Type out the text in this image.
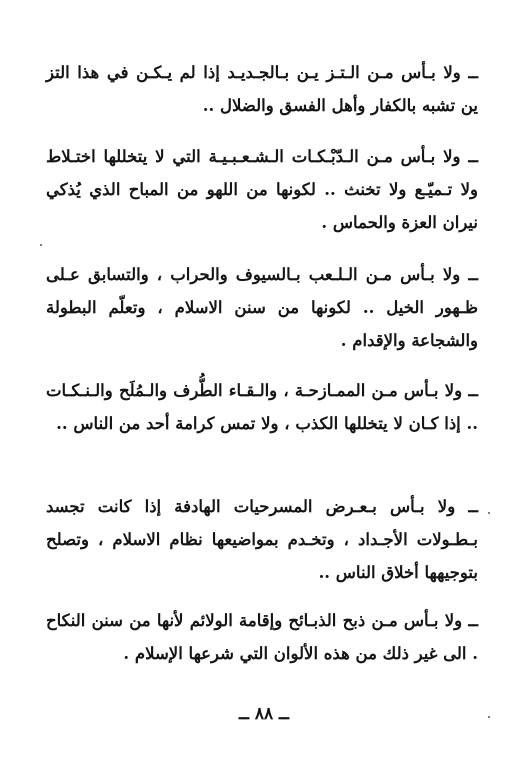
ــ ولا بـأس مـن الـتـز يـن بـالجـديـد إذا لم يـكـن في هذا التز ين تشبه بالكفار وأهل الفسق والضلال ..

ــ ولا بـأس مـن الـدّبْـكـات الـشـعـبـيـة التي لا يتخللها اختـلاط ولا تـميّـع ولا تخنث .. لكونها من اللهو من المباح الذي يُذكي نيران العزة والحماس .

ــ ولا بـأس مـن الـلـعب بـالسيوف والحراب ، والتسابق عـلى ظـهور الخيل .. لكونها من سنن الاسلام ، وتعلّم البطولة والشجاعة والإقدام .

ــ ولا بـأس مـن الممـازحـة ، والـقـاء الطُّرف والـمُلَح والـنـكـات .. إذا كـان لا يتخللها الكذب ، ولا تمس كرامة أحد من الناس ..

ــ ولا بـأس بـعـرض المسرحيات الهادفة إذا كانت تجسد بـطـولات الأجـداد ، وتخـدم بمواضيعها نظام الاسلام ، وتصلح بتوجيهها أخلاق الناس ..

ــ ولا بـأس مـن ذبح الذبـائح وإقامة الولائم لأنها من سنن النكاح . الى غير ذلك من هذه الألوان التي شرعها الإسلام .

ــ ٨٨ ــ
